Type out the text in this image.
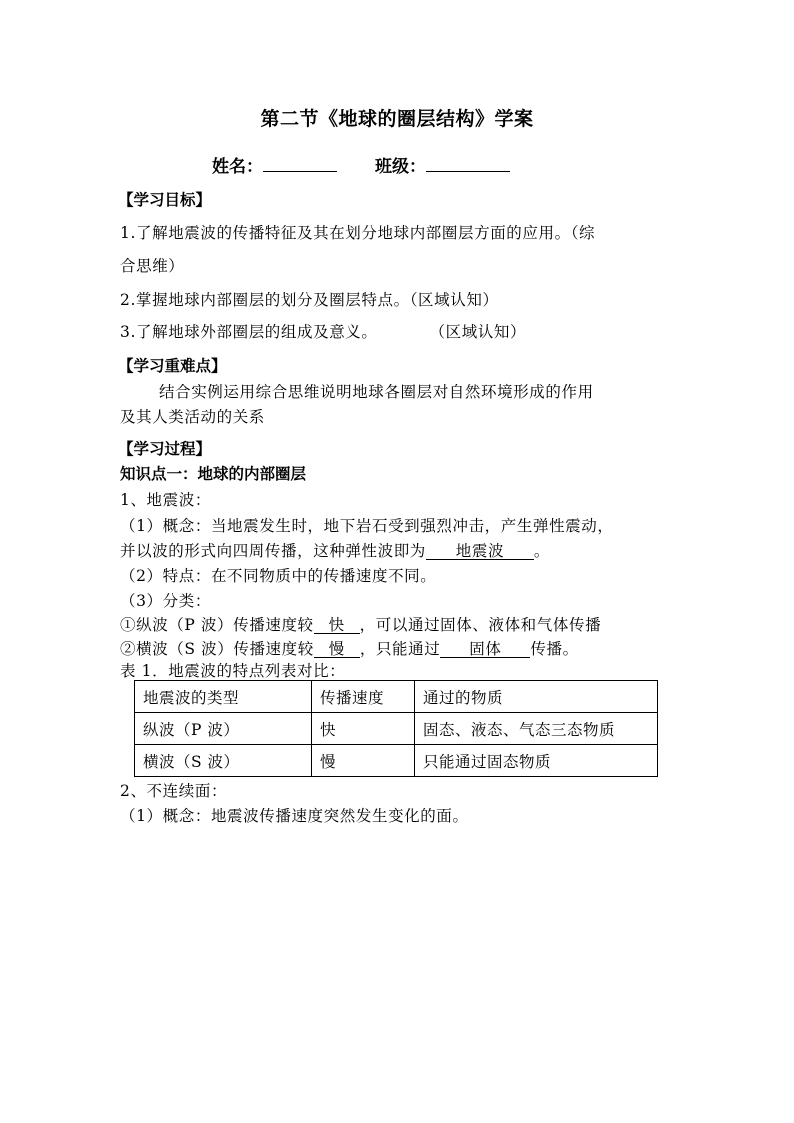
第二节《地球的圈层结构》学案
姓名：	班级：
【学习目标】
1.了解地震波的传播特征及其在划分地球内部圈层方面的应用。（综
合思维）
2.掌握地球内部圈层的划分及圈层特点。（区域认知）
3.了解地球外部圈层的组成及意义。	（区域认知）
【学习重难点】
结合实例运用综合思维说明地球各圈层对自然环境形成的作用
及其人类活动的关系
【学习过程】
知识点一：地球的内部圈层
1、地震波：
（1）概念：当地震发生时，地下岩石受到强烈冲击，产生弹性震动，
并以波的形式向四周传播，这种弹性波即为 地震波 。
（2）特点：在不同物质中的传播速度不同。
（3）分类：
①纵波（P 波）传播速度较 快 ，可以通过固体、液体和气体传播
②横波（S 波）传播速度较 慢 ，只能通过 固体 传播。
表 1．地震波的特点列表对比：
地震波的类型	传播速度	通过的物质
纵波（P 波）	快	固态、液态、气态三态物质
横波（S 波）	慢	只能通过固态物质
2、不连续面：
（1）概念：地震波传播速度突然发生变化的面。
